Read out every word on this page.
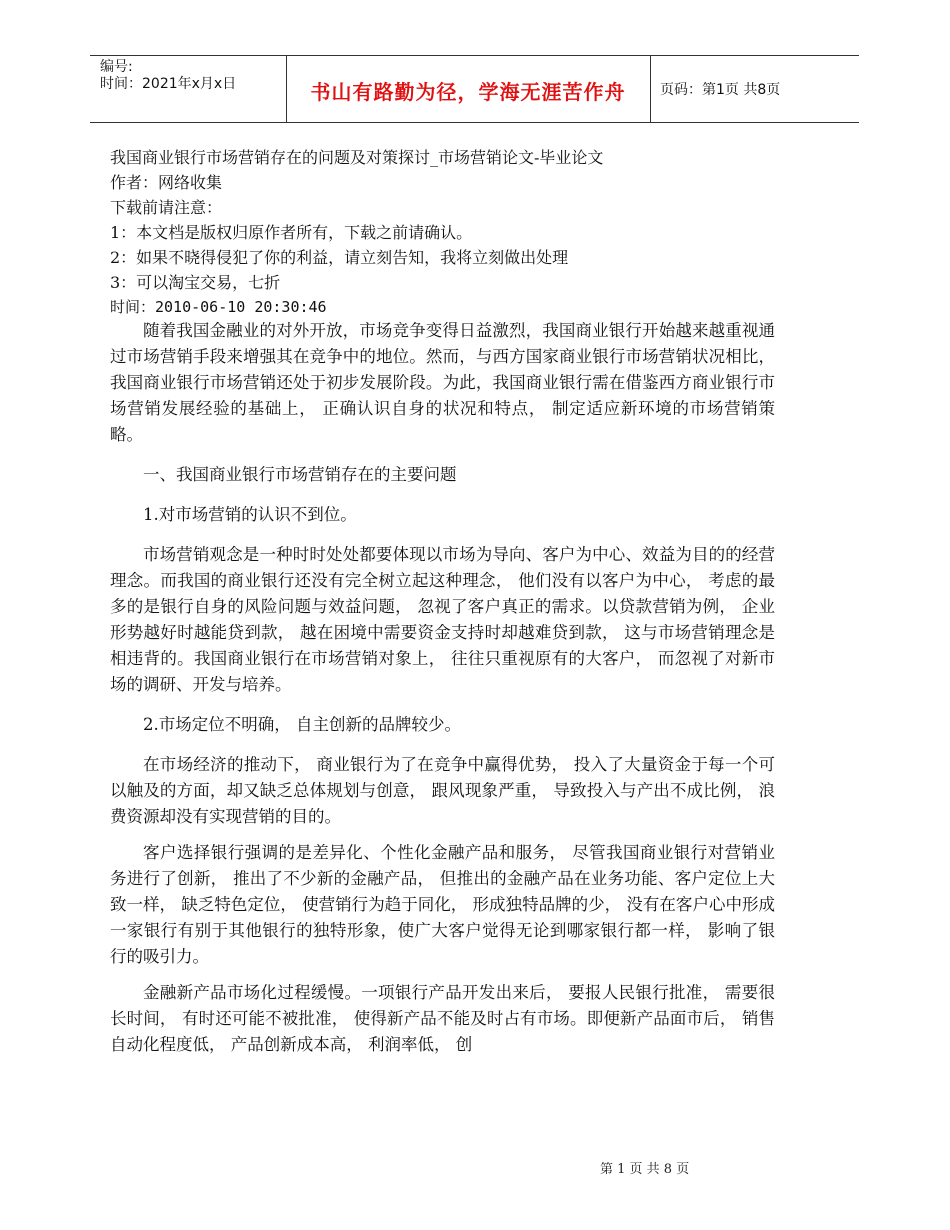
编号:
时间：2021年x月x日	书山有路勤为径，学海无涯苦作舟	页码：第1页 共8页
我国商业银行市场营销存在的问题及对策探讨_市场营销论文-毕业论文
作者：网络收集
下载前请注意：
1：本文档是版权归原作者所有，下载之前请确认。
2：如果不晓得侵犯了你的利益，请立刻告知，我将立刻做出处理
3：可以淘宝交易，七折
时间：2010-06-10 20:30:46

随着我国金融业的对外开放，市场竞争变得日益激烈，我国商业银行开始越来越重视通过市场营销手段来增强其在竞争中的地位。然而，与西方国家商业银行市场营销状况相比，我国商业银行市场营销还处于初步发展阶段。为此，我国商业银行需在借鉴西方商业银行市场营销发展经验的基础上， 正确认识自身的状况和特点， 制定适应新环境的市场营销策略。

一、我国商业银行市场营销存在的主要问题

1.对市场营销的认识不到位。

市场营销观念是一种时时处处都要体现以市场为导向、客户为中心、效益为目的的经营理念。而我国的商业银行还没有完全树立起这种理念， 他们没有以客户为中心， 考虑的最多的是银行自身的风险问题与效益问题， 忽视了客户真正的需求。以贷款营销为例， 企业形势越好时越能贷到款， 越在困境中需要资金支持时却越难贷到款， 这与市场营销理念是相违背的。我国商业银行在市场营销对象上， 往往只重视原有的大客户， 而忽视了对新市场的调研、开发与培养。

2.市场定位不明确， 自主创新的品牌较少。

在市场经济的推动下， 商业银行为了在竞争中赢得优势， 投入了大量资金于每一个可以触及的方面，却又缺乏总体规划与创意， 跟风现象严重， 导致投入与产出不成比例， 浪费资源却没有实现营销的目的。

客户选择银行强调的是差异化、个性化金融产品和服务， 尽管我国商业银行对营销业务进行了创新， 推出了不少新的金融产品， 但推出的金融产品在业务功能、客户定位上大致一样， 缺乏特色定位， 使营销行为趋于同化， 形成独特品牌的少， 没有在客户心中形成一家银行有别于其他银行的独特形象，使广大客户觉得无论到哪家银行都一样， 影响了银行的吸引力。

金融新产品市场化过程缓慢。一项银行产品开发出来后， 要报人民银行批准， 需要很长时间， 有时还可能不被批准， 使得新产品不能及时占有市场。即便新产品面市后， 销售自动化程度低， 产品创新成本高， 利润率低， 创

第 1 页 共 8 页
